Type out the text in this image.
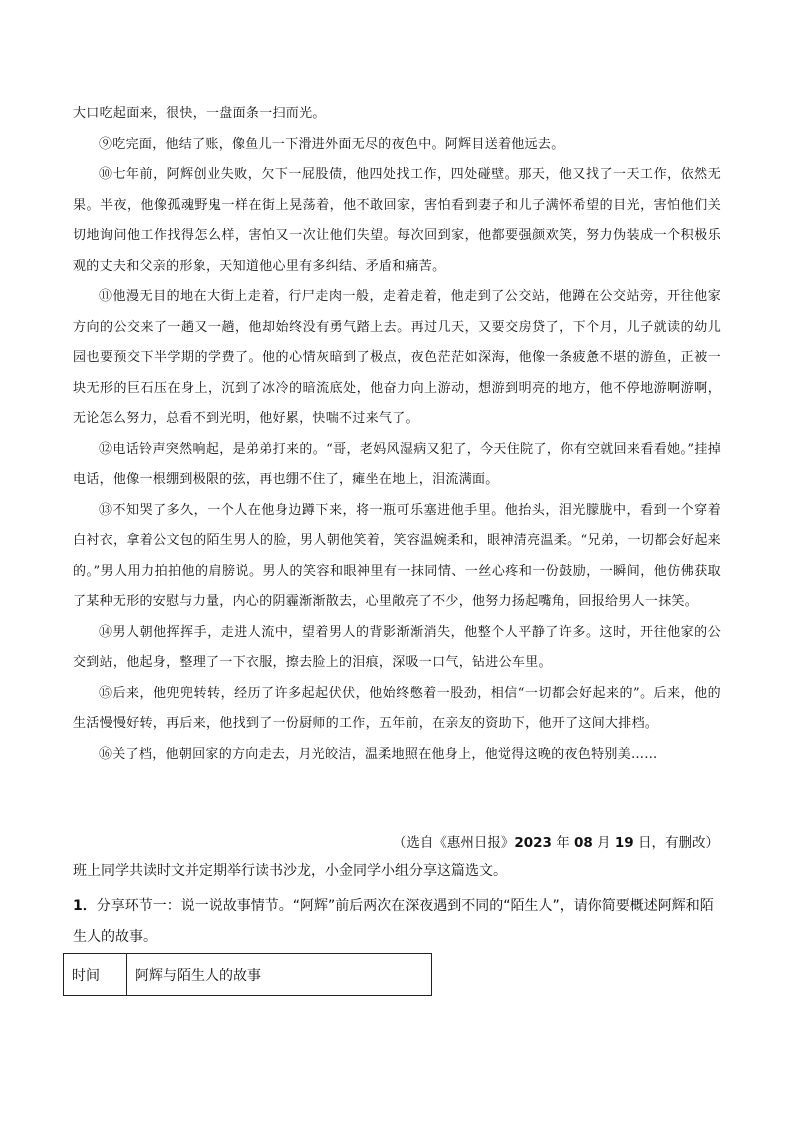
大口吃起面来，很快，一盘面条一扫而光。

⑨吃完面，他结了账，像鱼儿一下滑进外面无尽的夜色中。阿辉目送着他远去。

⑩七年前，阿辉创业失败，欠下一屁股债，他四处找工作，四处碰壁。那天，他又找了一天工作，依然无果。半夜，他像孤魂野鬼一样在街上晃荡着，他不敢回家，害怕看到妻子和儿子满怀希望的目光，害怕他们关切地询问他工作找得怎么样，害怕又一次让他们失望。每次回到家，他都要强颜欢笑，努力伪装成一个积极乐观的丈夫和父亲的形象，天知道他心里有多纠结、矛盾和痛苦。

⑪他漫无目的地在大街上走着，行尸走肉一般，走着走着，他走到了公交站，他蹲在公交站旁，开往他家方向的公交来了一趟又一趟，他却始终没有勇气踏上去。再过几天，又要交房贷了，下个月，儿子就读的幼儿园也要预交下半学期的学费了。他的心情灰暗到了极点，夜色茫茫如深海，他像一条疲惫不堪的游鱼，正被一块无形的巨石压在身上，沉到了冰冷的暗流底处，他奋力向上游动，想游到明亮的地方，他不停地游啊游啊，无论怎么努力，总看不到光明，他好累，快喘不过来气了。

⑫电话铃声突然响起，是弟弟打来的。“哥，老妈风湿病又犯了，今天住院了，你有空就回来看看她。”挂掉电话，他像一根绷到极限的弦，再也绷不住了，瘫坐在地上，泪流满面。

⑬不知哭了多久，一个人在他身边蹲下来，将一瓶可乐塞进他手里。他抬头，泪光朦胧中，看到一个穿着白衬衣，拿着公文包的陌生男人的脸，男人朝他笑着，笑容温婉柔和，眼神清亮温柔。“兄弟，一切都会好起来的。”男人用力拍拍他的肩膀说。男人的笑容和眼神里有一抹同情、一丝心疼和一份鼓励，一瞬间，他仿佛获取了某种无形的安慰与力量，内心的阴霾渐渐散去，心里敞亮了不少，他努力扬起嘴角，回报给男人一抹笑。

⑭男人朝他挥挥手，走进人流中，望着男人的背影渐渐消失，他整个人平静了许多。这时，开往他家的公交到站，他起身，整理了一下衣服，擦去脸上的泪痕，深吸一口气，钻进公车里。

⑮后来，他兜兜转转，经历了许多起起伏伏，他始终憋着一股劲，相信“一切都会好起来的”。后来，他的生活慢慢好转，再后来，他找到了一份厨师的工作，五年前，在亲友的资助下，他开了这间大排档。

⑯关了档，他朝回家的方向走去，月光皎洁，温柔地照在他身上，他觉得这晚的夜色特别美……

（选自《惠州日报》2023 年 08 月 19 日，有删改）
班上同学共读时文并定期举行读书沙龙，小金同学小组分享这篇选文。
1．分享环节一：说一说故事情节。“阿辉”前后两次在深夜遇到不同的“陌生人”，请你简要概述阿辉和陌生人的故事。
时间	阿辉与陌生人的故事
